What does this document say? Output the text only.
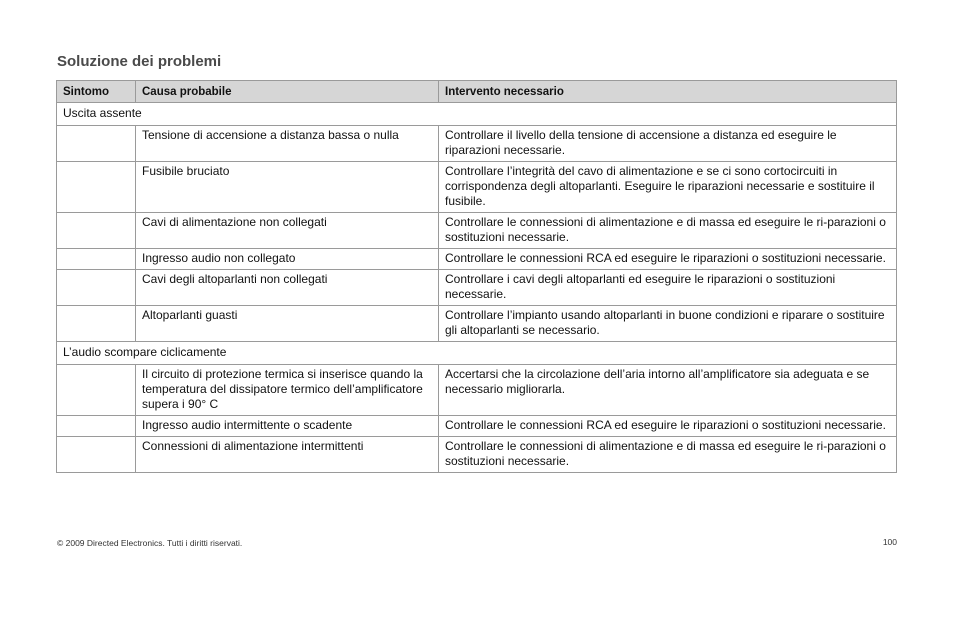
Soluzione dei problemi
Sintomo	Causa probabile	Intervento necessario
Uscita assente		
	Tensione di accensione a distanza bassa o nulla	Controllare il livello della tensione di accensione a distanza ed eseguire le riparazioni necessarie.
	Fusibile bruciato	Controllare l’integrità del cavo di alimentazione e se ci sono cortocircuiti in corrispondenza degli altoparlanti. Eseguire le riparazioni necessarie e sostituire il fusibile.
	Cavi di alimentazione non collegati	Controllare le connessioni di alimentazione e di massa ed eseguire le ri-parazioni o sostituzioni necessarie.
	Ingresso audio non collegato	Controllare le connessioni RCA ed eseguire le riparazioni o sostituzioni necessarie.
	Cavi degli altoparlanti non collegati	Controllare i cavi degli altoparlanti ed eseguire le riparazioni o sostituzioni necessarie.
	Altoparlanti guasti	Controllare l’impianto usando altoparlanti in buone condizioni e riparare o sostituire gli altoparlanti se necessario.
L’audio scompare ciclicamente		
	Il circuito di protezione termica si inserisce quando la temperatura del dissipatore termico dell’amplificatore supera i 90° C	Accertarsi che la circolazione dell’aria intorno all’amplificatore sia adeguata e se necessario migliorarla.
	Ingresso audio intermittente o scadente	Controllare le connessioni RCA ed eseguire le riparazioni o sostituzioni necessarie.
	Connessioni di alimentazione intermittenti	Controllare le connessioni di alimentazione e di massa ed eseguire le ri-parazioni o sostituzioni necessarie.
© 2009 Directed Electronics. Tutti i diritti riservati.	100
